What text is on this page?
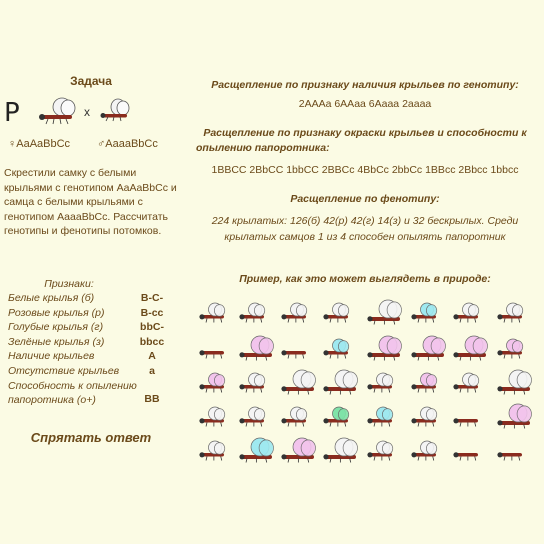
Задача
P	x
♀AaAaBbCc ♂AaaaBbCc
Скрестили самку с белыми крыльями с генотипом AaAaBbCc и самца с белыми крыльями с генотипом AaaaBbCc. Рассчитать генотипы и фенотипы потомков.
Признаки:
Белые крылья (б)	B-C-
Розовые крылья (р)	B-cc
Голубые крылья (г)	bbC-
Зелёные крылья (з)	bbcc
Наличие крыльев	A
Отсутствие крыльев	a
Способность к опылению
папоротника (о+)	BB
Спрятать ответ
Расщепление по признаку наличия крыльев по генотипу:
2AAAa 6AAaa 6Aaaa 2aaaa
Расщепление по признаку окраски крыльев и способности к
опылению папоротника:
1BBCC 2BbCC 1bbCC 2BBCc 4BbCc 2bbCc 1BBcc 2Bbcc 1bbcc
Расщепление по фенотипу:
224 крылатых: 126(б) 42(р) 42(г) 14(з) и 32 бескрылых. Среди
крылатых самцов 1 из 4 способен опылять папоротник
Пример, как это может выглядеть в природе:
